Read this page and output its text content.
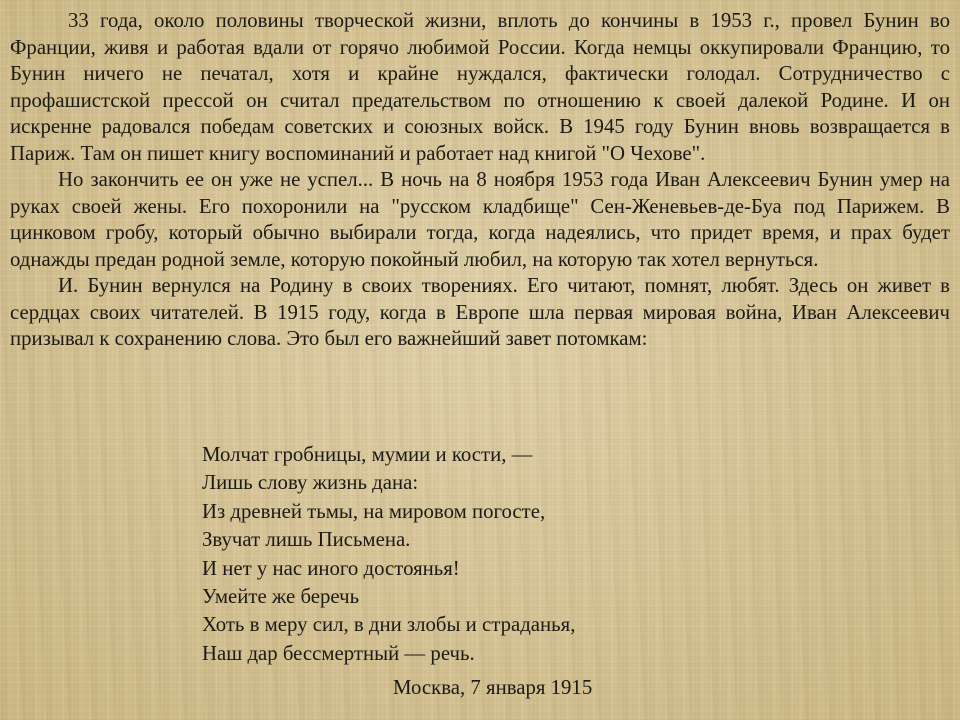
33 года, около половины творческой жизни, вплоть до кончины в 1953 г., провел Бунин во Франции, живя и работая вдали от горячо любимой России. Когда немцы оккупировали Францию, то Бунин ничего не печатал, хотя и крайне нуждался, фактически голодал. Сотрудничество с профашистской прессой он считал предательством по отношению к своей далекой Родине. И он искренне радовался победам советских и союзных войск. В 1945 году Бунин вновь возвращается в Париж. Там он пишет книгу воспоминаний и работает над книгой "О Чехове".

Но закончить ее он уже не успел... В ночь на 8 ноября 1953 года Иван Алексеевич Бунин умер на руках своей жены. Его похоронили на "русском кладбище" Сен-Женевьев-де-Буа под Парижем. В цинковом гробу, который обычно выбирали тогда, когда надеялись, что придет время, и прах будет однажды предан родной земле, которую покойный любил, на которую так хотел вернуться.

И. Бунин вернулся на Родину в своих творениях. Его читают, помнят, любят. Здесь он живет в сердцах своих читателей. В 1915 году, когда в Европе шла первая мировая война, Иван Алексеевич призывал к сохранению слова. Это был его важнейший завет потомкам:

Молчат гробницы, мумии и кости, —
Лишь слову жизнь дана:
Из древней тьмы, на мировом погосте,
Звучат лишь Письмена.
И нет у нас иного достоянья!
Умейте же беречь
Хоть в меру сил, в дни злобы и страданья,
Наш дар бессмертный — речь.
Москва, 7 января 1915
